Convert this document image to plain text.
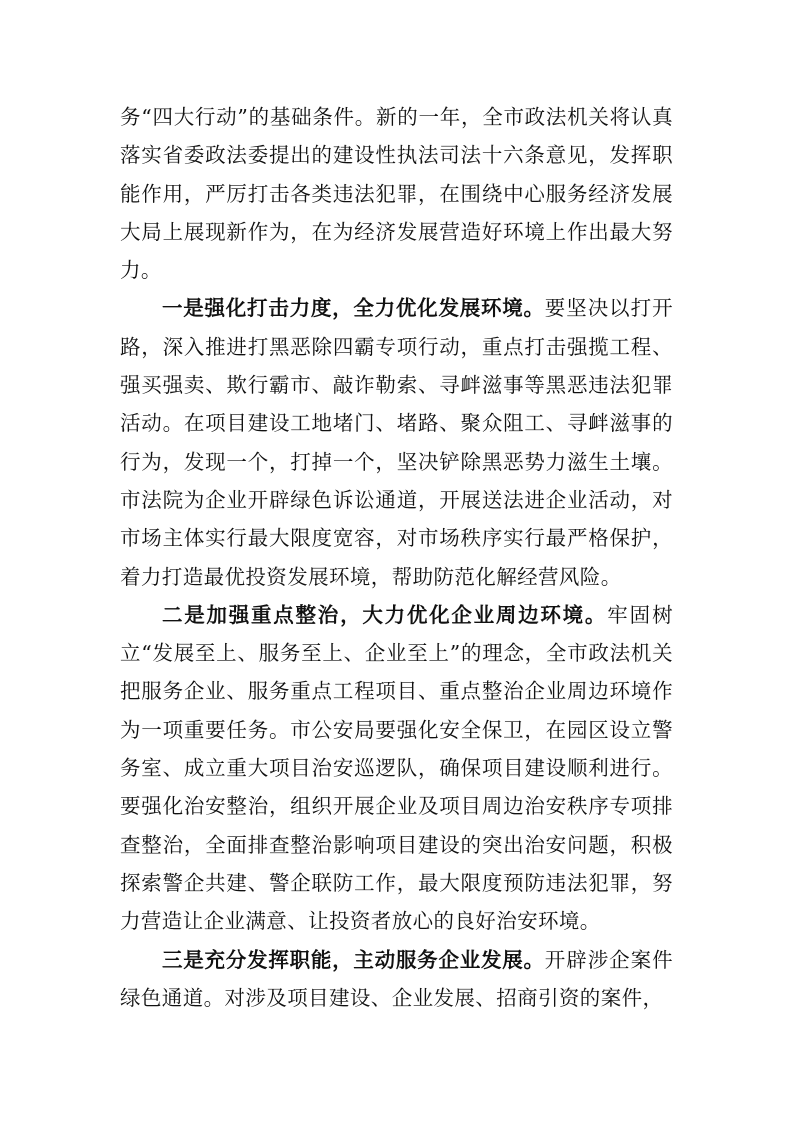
务“四大行动”的基础条件。新的一年，全市政法机关将认真落实省委政法委提出的建设性执法司法十六条意见，发挥职能作用，严厉打击各类违法犯罪，在围绕中心服务经济发展大局上展现新作为，在为经济发展营造好环境上作出最大努力。

一是强化打击力度，全力优化发展环境。要坚决以打开路，深入推进打黑恶除四霸专项行动，重点打击强揽工程、强买强卖、欺行霸市、敲诈勒索、寻衅滋事等黑恶违法犯罪活动。在项目建设工地堵门、堵路、聚众阻工、寻衅滋事的行为，发现一个，打掉一个，坚决铲除黑恶势力滋生土壤。市法院为企业开辟绿色诉讼通道，开展送法进企业活动，对市场主体实行最大限度宽容，对市场秩序实行最严格保护，着力打造最优投资发展环境，帮助防范化解经营风险。

二是加强重点整治，大力优化企业周边环境。牢固树立“发展至上、服务至上、企业至上”的理念，全市政法机关把服务企业、服务重点工程项目、重点整治企业周边环境作为一项重要任务。市公安局要强化安全保卫，在园区设立警务室、成立重大项目治安巡逻队，确保项目建设顺利进行。要强化治安整治，组织开展企业及项目周边治安秩序专项排查整治，全面排查整治影响项目建设的突出治安问题，积极探索警企共建、警企联防工作，最大限度预防违法犯罪，努力营造让企业满意、让投资者放心的良好治安环境。

三是充分发挥职能，主动服务企业发展。开辟涉企案件绿色通道。对涉及项目建设、企业发展、招商引资的案件，
